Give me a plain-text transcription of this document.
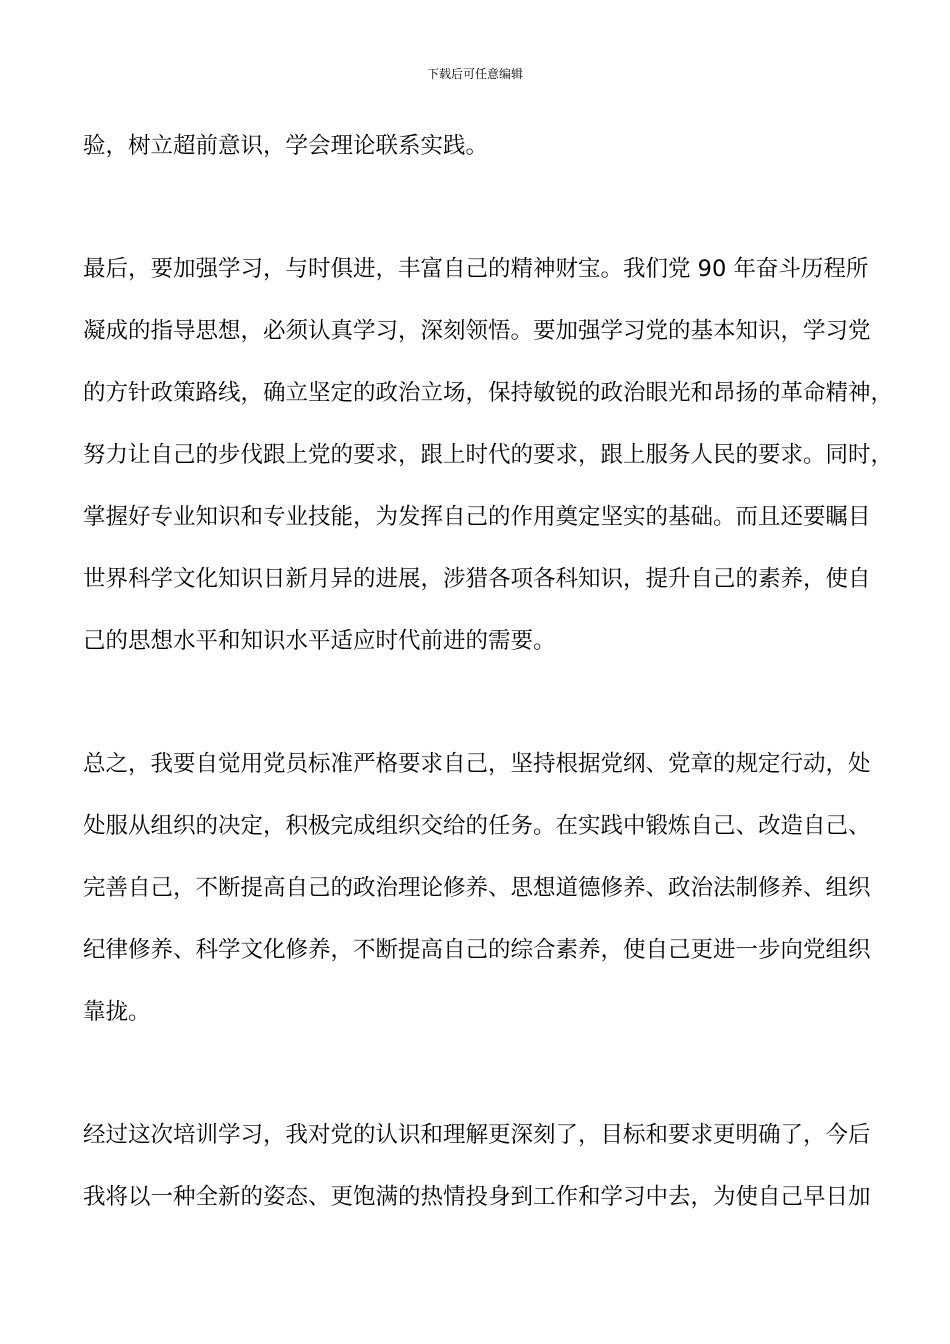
下载后可任意编辑
验，树立超前意识，学会理论联系实践。
最后，要加强学习，与时俱进，丰富自己的精神财宝。我们党 90 年奋斗历程所
凝成的指导思想，必须认真学习，深刻领悟。要加强学习党的基本知识，学习党
的方针政策路线，确立坚定的政治立场，保持敏锐的政治眼光和昂扬的革命精神，
努力让自己的步伐跟上党的要求，跟上时代的要求，跟上服务人民的要求。同时，
掌握好专业知识和专业技能，为发挥自己的作用奠定坚实的基础。而且还要瞩目
世界科学文化知识日新月异的进展，涉猎各项各科知识，提升自己的素养，使自
己的思想水平和知识水平适应时代前进的需要。
总之，我要自觉用党员标准严格要求自己，坚持根据党纲、党章的规定行动，处
处服从组织的决定，积极完成组织交给的任务。在实践中锻炼自己、改造自己、
完善自己，不断提高自己的政治理论修养、思想道德修养、政治法制修养、组织
纪律修养、科学文化修养，不断提高自己的综合素养，使自己更进一步向党组织
靠拢。
经过这次培训学习，我对党的认识和理解更深刻了，目标和要求更明确了，今后
我将以一种全新的姿态、更饱满的热情投身到工作和学习中去，为使自己早日加
